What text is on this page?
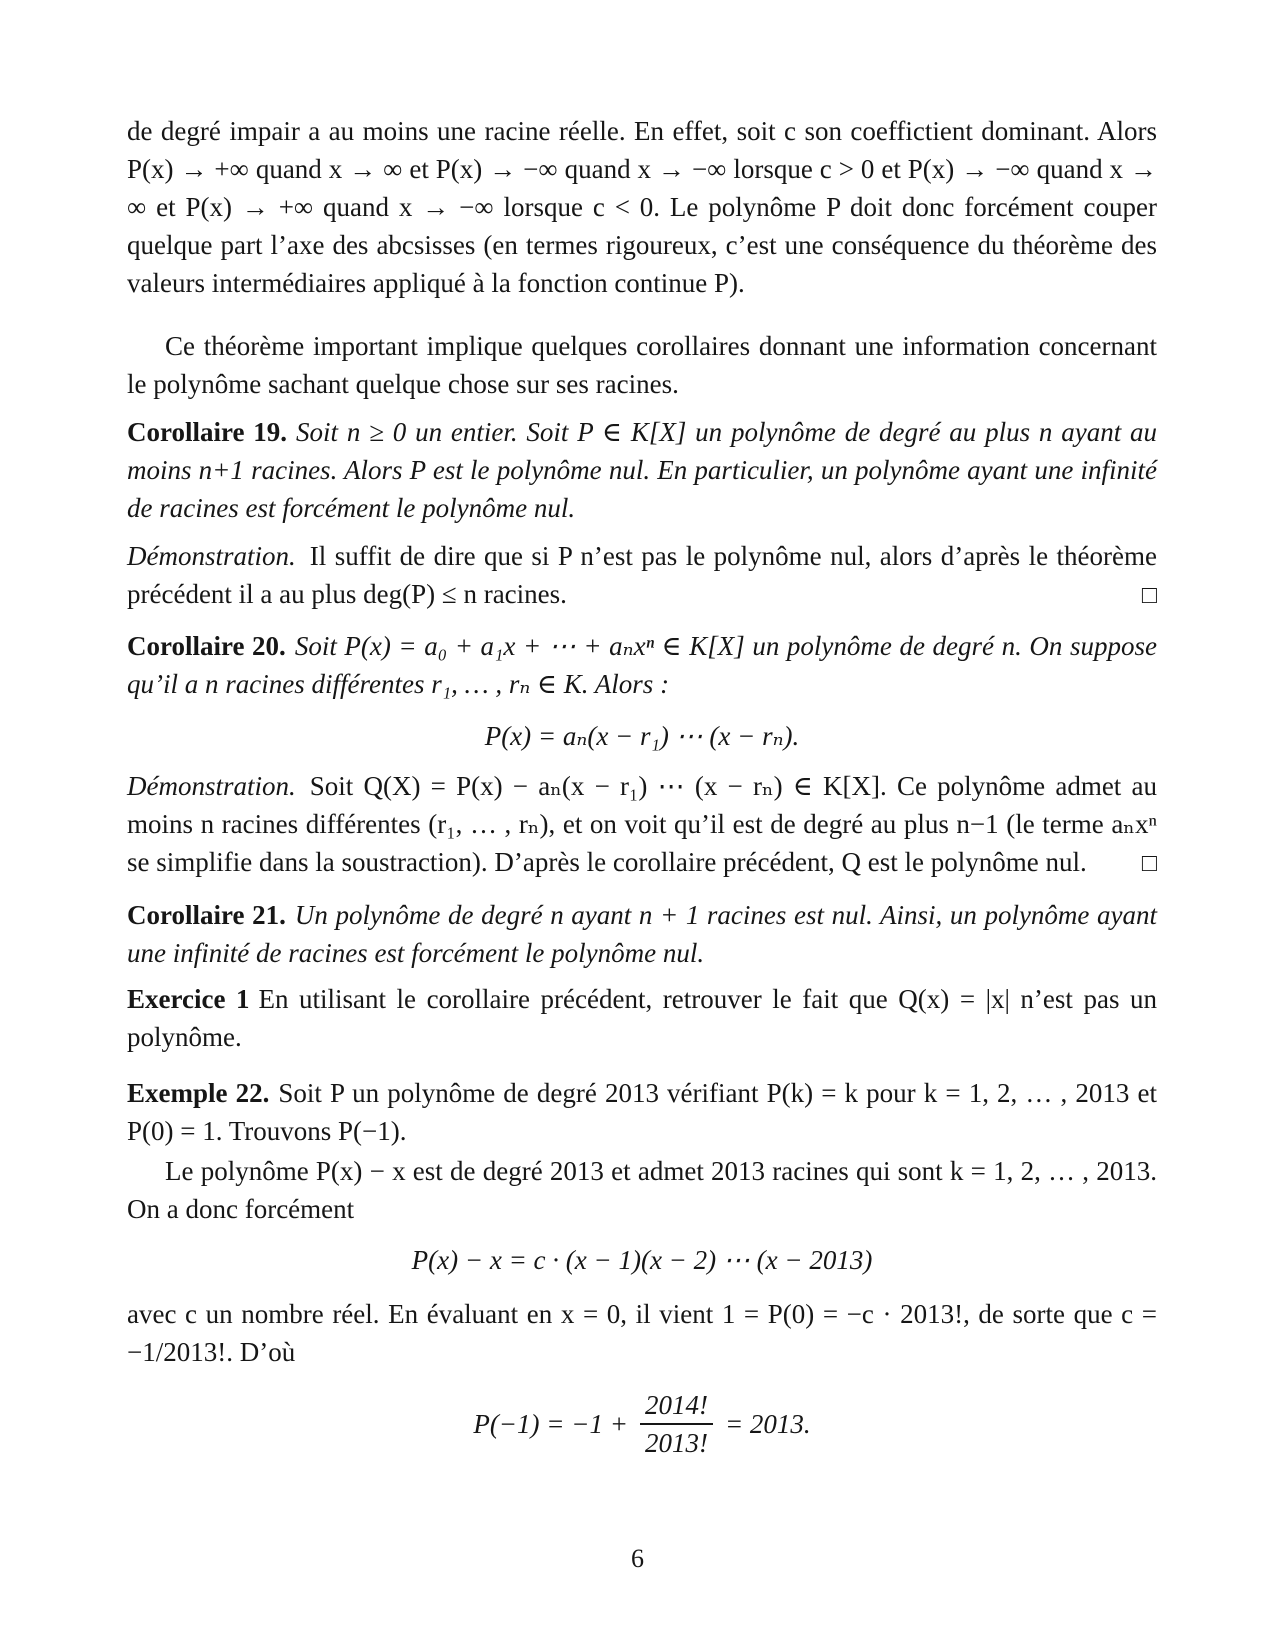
de degré impair a au moins une racine réelle. En effet, soit c son coeffictient dominant. Alors P(x) → +∞ quand x → ∞ et P(x) → −∞ quand x → −∞ lorsque c > 0 et P(x) → −∞ quand x → ∞ et P(x) → +∞ quand x → −∞ lorsque c < 0. Le polynôme P doit donc forcément couper quelque part l’axe des abcsisses (en termes rigoureux, c’est une conséquence du théorème des valeurs intermédiaires appliqué à la fonction continue P).

Ce théorème important implique quelques corollaires donnant une information concernant le polynôme sachant quelque chose sur ses racines.

Corollaire 19. Soit n ≥ 0 un entier. Soit P ∈ K[X] un polynôme de degré au plus n ayant au moins n+1 racines. Alors P est le polynôme nul. En particulier, un polynôme ayant une infinité de racines est forcément le polynôme nul.

Démonstration. Il suffit de dire que si P n’est pas le polynôme nul, alors d’après le théorème précédent il a au plus deg(P) ≤ n racines.	□

Corollaire 20. Soit P(x) = a₀ + a₁x + ⋯ + aₙxⁿ ∈ K[X] un polynôme de degré n. On suppose qu’il a n racines différentes r₁, … , rₙ ∈ K. Alors :

P(x) = aₙ(x − r₁) ⋯ (x − rₙ).

Démonstration. Soit Q(X) = P(x) − aₙ(x − r₁) ⋯ (x − rₙ) ∈ K[X]. Ce polynôme admet au moins n racines différentes (r₁, … , rₙ), et on voit qu’il est de degré au plus n−1 (le terme aₙxⁿ se simplifie dans la soustraction). D’après le corollaire précédent, Q est le polynôme nul. □

Corollaire 21. Un polynôme de degré n ayant n + 1 racines est nul. Ainsi, un polynôme ayant une infinité de racines est forcément le polynôme nul.

Exercice 1 En utilisant le corollaire précédent, retrouver le fait que Q(x) = |x| n’est pas un polynôme.

Exemple 22. Soit P un polynôme de degré 2013 vérifiant P(k) = k pour k = 1, 2, … , 2013 et P(0) = 1. Trouvons P(−1).

Le polynôme P(x) − x est de degré 2013 et admet 2013 racines qui sont k = 1, 2, … , 2013. On a donc forcément

P(x) − x = c · (x − 1)(x − 2) ⋯ (x − 2013)

avec c un nombre réel. En évaluant en x = 0, il vient 1 = P(0) = −c · 2013!, de sorte que c = −1/2013!. D’où

$P(-1) = -1 + \frac{2014!}{2013!} = 2013$.
6
